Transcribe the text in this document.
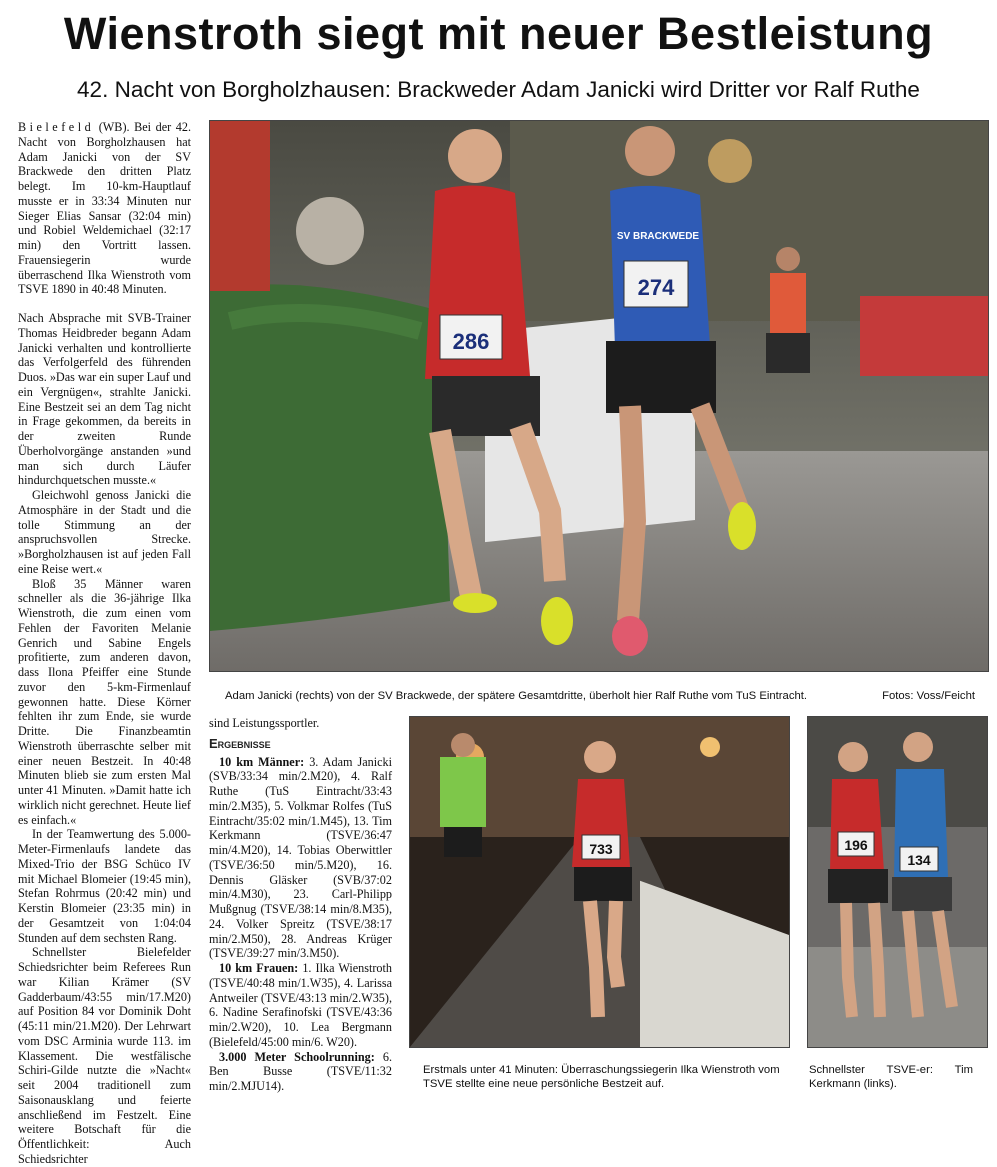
Wienstroth siegt mit neuer Bestleistung
42. Nacht von Borgholzhausen: Brackweder Adam Janicki wird Dritter vor Ralf Ruthe

Bielefeld (WB). Bei der 42. Nacht von Borgholzhausen hat Adam Janicki von der SV Brackwede den dritten Platz belegt. Im 10-km-Hauptlauf musste er in 33:34 Minuten nur Sieger Elias Sansar (32:04 min) und Robiel Weldemichael (32:17 min) den Vortritt lassen. Frauensiegerin wurde überraschend Ilka Wienstroth vom TSVE 1890 in 40:48 Minuten.

Nach Absprache mit SVB-Trainer Thomas Heidbreder begann Adam Janicki verhalten und kontrollierte das Verfolgerfeld des führenden Duos. »Das war ein super Lauf und ein Vergnügen«, strahlte Janicki. Eine Bestzeit sei an dem Tag nicht in Frage gekommen, da bereits in der zweiten Runde Überholvorgänge anstanden »und man sich durch Läufer hindurchquetschen musste.«

Gleichwohl genoss Janicki die Atmosphäre in der Stadt und die tolle Stimmung an der anspruchsvollen Strecke. »Borgholzhausen ist auf jeden Fall eine Reise wert.«

Bloß 35 Männer waren schneller als die 36-jährige Ilka Wienstroth, die zum einen vom Fehlen der Favoriten Melanie Genrich und Sabine Engels profitierte, zum anderen davon, dass Ilona Pfeiffer eine Stunde zuvor den 5-km-Firmenlauf gewonnen hatte. Diese Körner fehlten ihr zum Ende, sie wurde Dritte. Die Finanzbeamtin Wienstroth überraschte selber mit einer neuen Bestzeit. In 40:48 Minuten blieb sie zum ersten Mal unter 41 Minuten. »Damit hatte ich wirklich nicht gerechnet. Heute lief es einfach.«

In der Teamwertung des 5.000-Meter-Firmenlaufs landete das Mixed-Trio der BSG Schüco IV mit Michael Blomeier (19:45 min), Stefan Rohrmus (20:42 min) und Kerstin Blomeier (23:35 min) in der Gesamtzeit von 1:04:04 Stunden auf dem sechsten Rang.

Schnellster Bielefelder Schiedsrichter beim Referees Run war Kilian Krämer (SV Gadderbaum/43:55 min/17.M20) auf Position 84 vor Dominik Doht (45:11 min/21.M20). Der Lehrwart vom DSC Arminia wurde 113. im Klassement. Die westfälische Schiri-Gilde nutzte die »Nacht« seit 2004 traditionell zum Saisonausklang und feierte anschließend im Festzelt. Eine weitere Botschaft für die Öffentlichkeit: Auch Schiedsrichter

286
SV BRACKWEDE
274
Adam Janicki (rechts) von der SV Brackwede, der spätere Gesamtdritte, überholt hier Ralf Ruthe vom TuS Eintracht.	Fotos: Voss/Feicht

sind Leistungssportler.

Ergebnisse

10 km Männer: 3. Adam Janicki (SVB/33:34 min/2.M20), 4. Ralf Ruthe (TuS Eintracht/33:43 min/2.M35), 5. Volkmar Rolfes (TuS Eintracht/35:02 min/1.M45), 13. Tim Kerkmann (TSVE/36:47 min/4.M20), 14. Tobias Oberwittler (TSVE/36:50 min/5.M20), 16. Dennis Gläsker (SVB/37:02 min/4.M30), 23. Carl-Philipp Mußgnug (TSVE/38:14 min/8.M35), 24. Volker Spreitz (TSVE/38:17 min/2.M50), 28. Andreas Krüger (TSVE/39:27 min/3.M50).

10 km Frauen: 1. Ilka Wienstroth (TSVE/40:48 min/1.W35), 4. Larissa Antweiler (TSVE/43:13 min/2.W35), 6. Nadine Serafinofski (TSVE/43:36 min/2.W20), 10. Lea Bergmann (Bielefeld/45:00 min/6. W20).

3.000 Meter Schoolrunning: 6. Ben Busse (TSVE/11:32 min/2.MJU14).

733
Erstmals unter 41 Minuten: Überraschungssiegerin Ilka Wienstroth vom TSVE stellte eine neue persönliche Bestzeit auf.
196
134
Schnellster TSVE-er: Tim Kerkmann (links).
